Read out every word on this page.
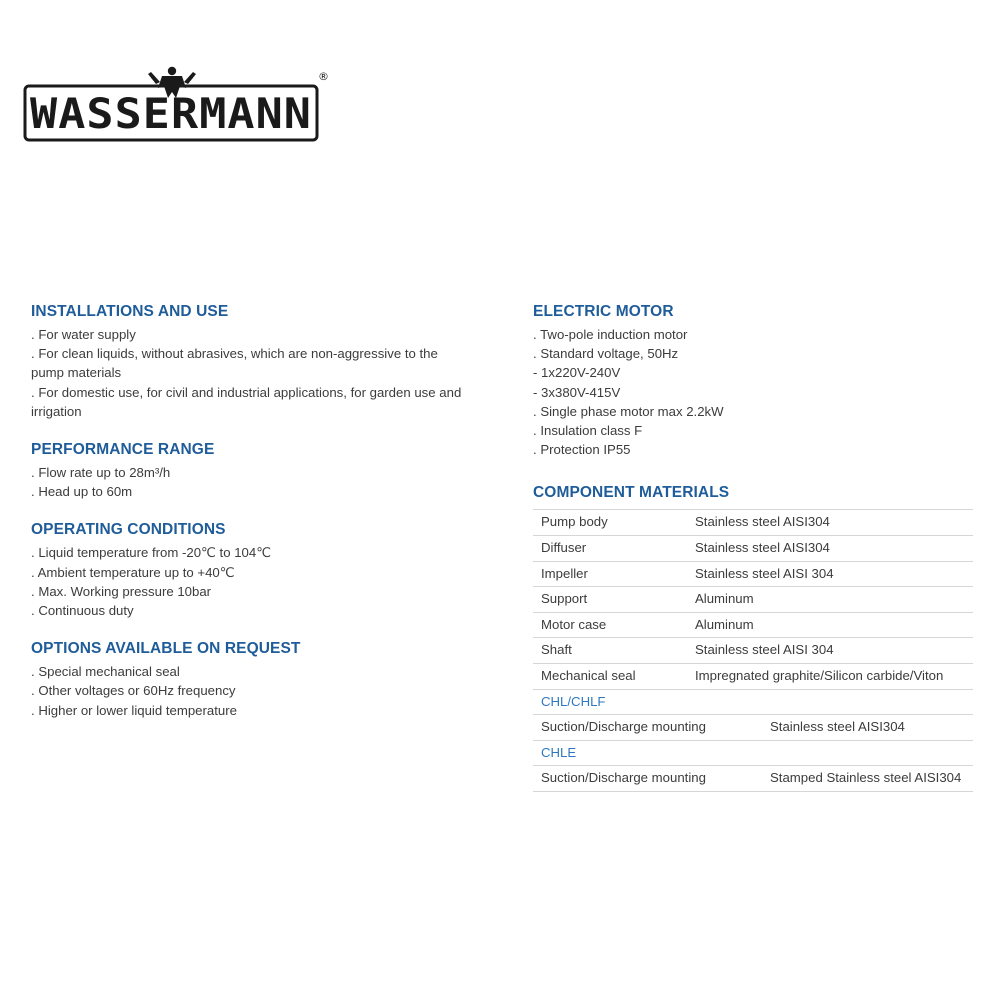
WASSERMANN
®
INSTALLATIONS AND USE
. For water supply
. For clean liquids, without abrasives, which are non-aggressive to the
pump materials
. For domestic use, for civil and industrial applications, for garden use and
irrigation
PERFORMANCE RANGE
. Flow rate up to 28m³/h
. Head up to 60m
OPERATING CONDITIONS
. Liquid temperature from -20℃ to 104℃
. Ambient temperature up to +40℃
. Max. Working pressure 10bar
. Continuous duty
OPTIONS AVAILABLE ON REQUEST
. Special mechanical seal
. Other voltages or 60Hz frequency
. Higher or lower liquid temperature
ELECTRIC MOTOR
. Two-pole induction motor
. Standard voltage, 50Hz
- 1x220V-240V
- 3x380V-415V
. Single phase motor max 2.2kW
. Insulation class F
. Protection IP55
COMPONENT MATERIALS
Pump body	Stainless steel AISI304
Diffuser	Stainless steel AISI304
Impeller	Stainless steel AISI 304
Support	Aluminum
Motor case	Aluminum
Shaft	Stainless steel AISI 304
Mechanical seal	Impregnated graphite/Silicon carbide/Viton
CHL/CHLF	
Suction/Discharge mounting	Stainless steel AISI304
CHLE	
Suction/Discharge mounting	Stamped Stainless steel AISI304
